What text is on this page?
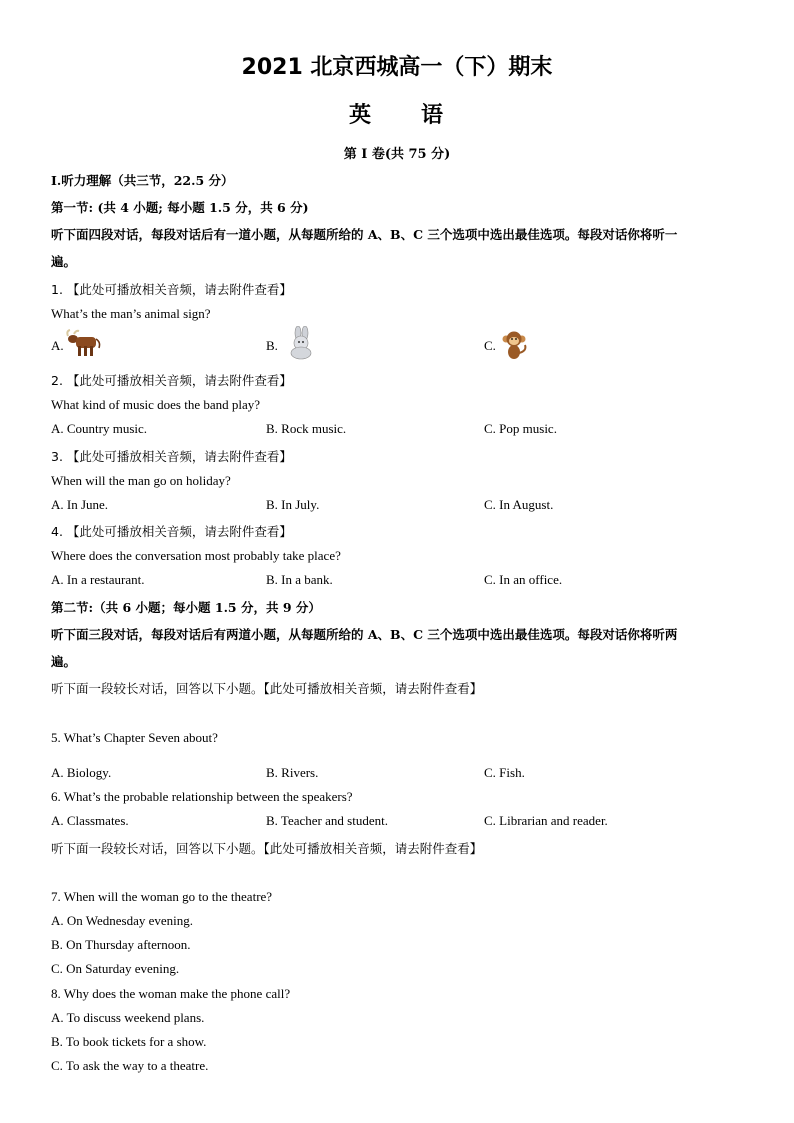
2021 北京西城高一（下）期末
英　　语
第 I 卷(共 75 分)
I.听力理解（共三节，22.5 分）
第一节: (共 4 小题; 每小题 1.5 分，共 6 分)
听下面四段对话，每段对话后有一道小题，从每题所给的 A、B、C 三个选项中选出最佳选项。每段对话你将听一
遍。
1. 【此处可播放相关音频，请去附件查看】
What’s the man’s animal sign?
A.	B.	C.
2. 【此处可播放相关音频，请去附件查看】
What kind of music does the band play?
A. Country music.	B. Rock music.	C. Pop music.
3. 【此处可播放相关音频，请去附件查看】
When will the man go on holiday?
A. In June.	B. In July.	C. In August.
4. 【此处可播放相关音频，请去附件查看】
Where does the conversation most probably take place?
A. In a restaurant.	B. In a bank.	C. In an office.
第二节:（共 6 小题；每小题 1.5 分，共 9 分）
听下面三段对话，每段对话后有两道小题，从每题所给的 A、B、C 三个选项中选出最佳选项。每段对话你将听两
遍。
听下面一段较长对话，回答以下小题。【此处可播放相关音频，请去附件查看】
5. What’s Chapter Seven about?
A. Biology.	B. Rivers.	C. Fish.
6. What’s the probable relationship between the speakers?
A. Classmates.	B. Teacher and student.	C. Librarian and reader.
听下面一段较长对话，回答以下小题。【此处可播放相关音频，请去附件查看】
7. When will the woman go to the theatre?
A. On Wednesday evening.
B. On Thursday afternoon.
C. On Saturday evening.
8. Why does the woman make the phone call?
A. To discuss weekend plans.
B. To book tickets for a show.
C. To ask the way to a theatre.
